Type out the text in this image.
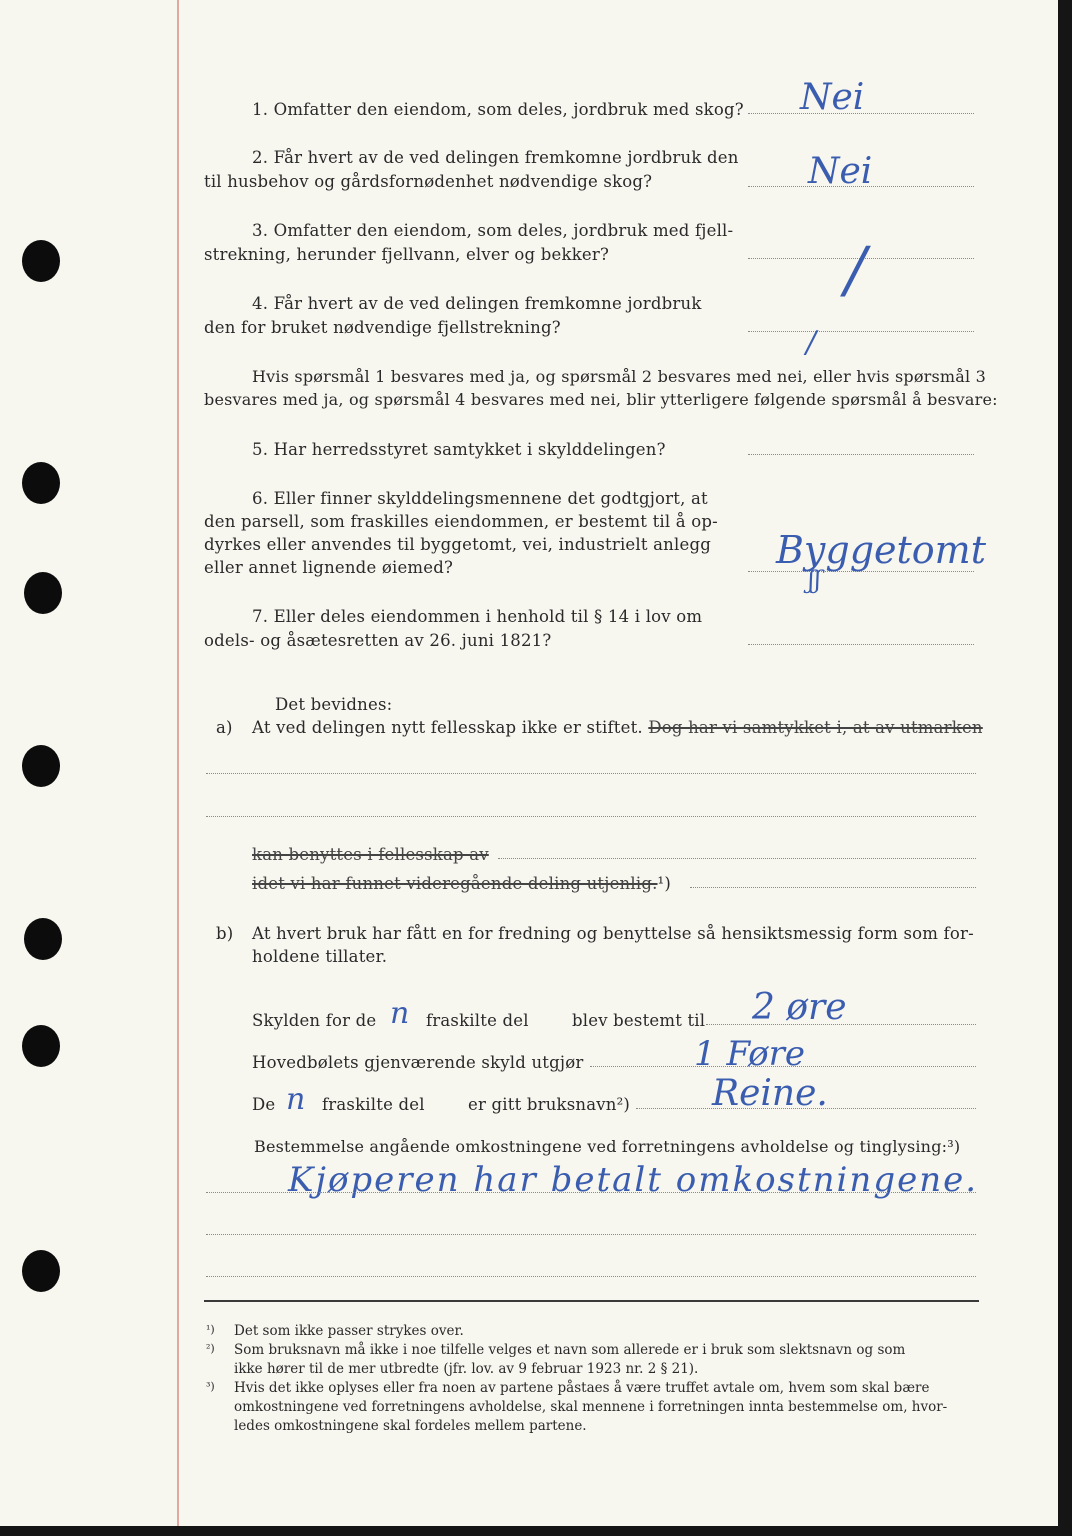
1. Omfatter den eiendom, som deles, jordbruk med skog? Nei
2. Får hvert av de ved delingen fremkomne jordbruk den
til husbehov og gårdsfornødenhet nødvendige skog?	Nei
3. Omfatter den eiendom, som deles, jordbruk med fjell-
strekning, herunder fjellvann, elver og bekker?	/
4. Får hvert av de ved delingen fremkomne jordbruk
den for bruket nødvendige fjellstrekning?	/
Hvis spørsmål 1 besvares med ja, og spørsmål 2 besvares med nei, eller hvis spørsmål 3
besvares med ja, og spørsmål 4 besvares med nei, blir ytterligere følgende spørsmål å besvare:
5. Har herredsstyret samtykket i skylddelingen?
6. Eller finner skylddelingsmennene det godtgjort, at
den parsell, som fraskilles eiendommen, er bestemt til å op-
dyrkes eller anvendes til byggetomt, vei, industrielt anlegg
eller annet lignende øiemed?	Byggetomt
ʃʃ
7. Eller deles eiendommen i henhold til § 14 i lov om
odels- og åsætesretten av 26. juni 1821?
Det bevidnes:
a) At ved delingen nytt fellesskap ikke er stiftet. Dog har vi samtykket i, at av utmarken
kan benyttes i fellesskap av
idet vi har funnet videregående deling utjenlig.¹)
b) At hvert bruk har fått en for fredning og benyttelse så hensiktsmessig form som for-
holdene tillater.
Skylden for de n fraskilte del	blev bestemt til 2 øre
Hovedbølets gjenværende skyld utgjør	1 Føre
De n fraskilte del	er gitt bruksnavn²) Reine.
Bestemmelse angående omkostningene ved forretningens avholdelse og tinglysing:³)
Kjøperen har betalt omkostningene.
¹) Det som ikke passer strykes over.
²) Som bruksnavn må ikke i noe tilfelle velges et navn som allerede er i bruk som slektsnavn og som
ikke hører til de mer utbredte (jfr. lov. av 9 februar 1923 nr. 2 § 21).
³) Hvis det ikke oplyses eller fra noen av partene påstaes å være truffet avtale om, hvem som skal bære
omkostningene ved forretningens avholdelse, skal mennene i forretningen innta bestemmelse om, hvor-
ledes omkostningene skal fordeles mellem partene.
